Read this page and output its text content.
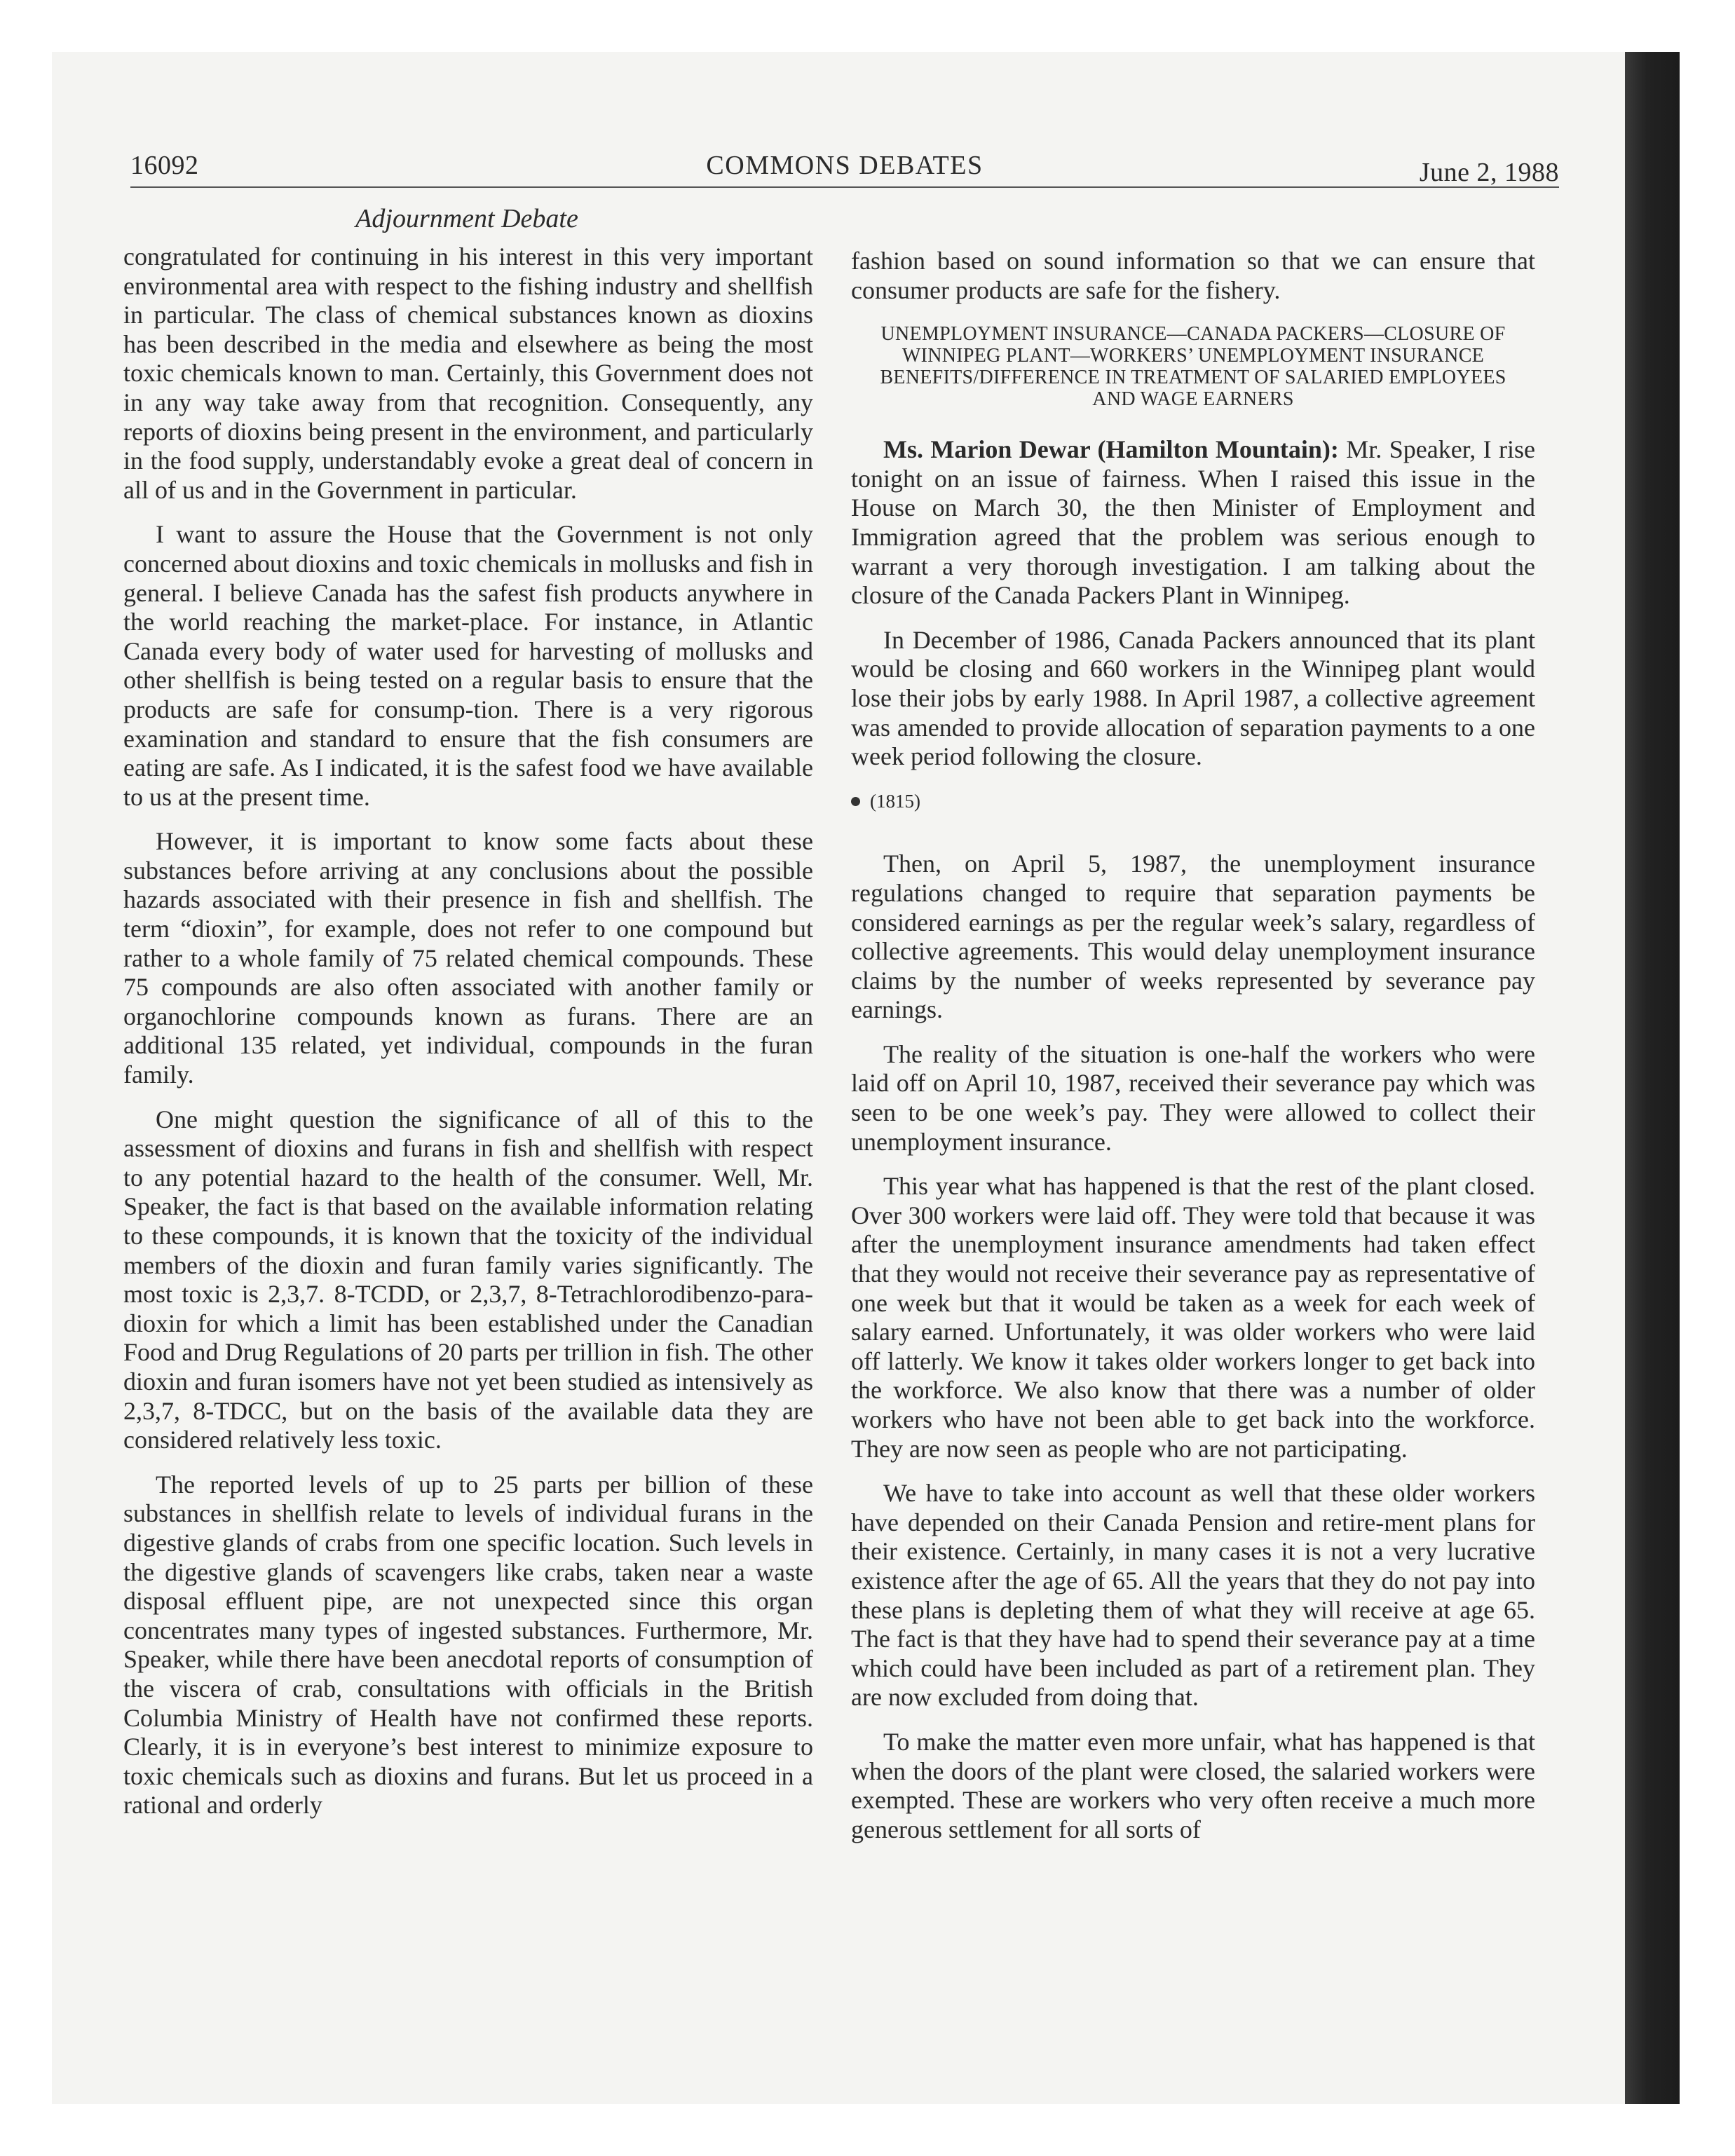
16092	COMMONS DEBATES	June 2, 1988
Adjournment Debate

congratulated for continuing in his interest in this very important environmental area with respect to the fishing industry and shellfish in particular. The class of chemical substances known as dioxins has been described in the media and elsewhere as being the most toxic chemicals known to man. Certainly, this Government does not in any way take away from that recognition. Consequently, any reports of dioxins being present in the environment, and particularly in the food supply, understandably evoke a great deal of concern in all of us and in the Government in particular.

I want to assure the House that the Government is not only concerned about dioxins and toxic chemicals in mollusks and fish in general. I believe Canada has the safest fish products anywhere in the world reaching the market-place. For instance, in Atlantic Canada every body of water used for harvesting of mollusks and other shellfish is being tested on a regular basis to ensure that the products are safe for consump-tion. There is a very rigorous examination and standard to ensure that the fish consumers are eating are safe. As I indicated, it is the safest food we have available to us at the present time.

However, it is important to know some facts about these substances before arriving at any conclusions about the possible hazards associated with their presence in fish and shellfish. The term “dioxin”, for example, does not refer to one compound but rather to a whole family of 75 related chemical compounds. These 75 compounds are also often associated with another family or organochlorine compounds known as furans. There are an additional 135 related, yet individual, compounds in the furan family.

One might question the significance of all of this to the assessment of dioxins and furans in fish and shellfish with respect to any potential hazard to the health of the consumer. Well, Mr. Speaker, the fact is that based on the available information relating to these compounds, it is known that the toxicity of the individual members of the dioxin and furan family varies significantly. The most toxic is 2,3,7. 8-TCDD, or 2,3,7, 8-Tetrachlorodibenzo-para-dioxin for which a limit has been established under the Canadian Food and Drug Regulations of 20 parts per trillion in fish. The other dioxin and furan isomers have not yet been studied as intensively as 2,3,7, 8-TDCC, but on the basis of the available data they are considered relatively less toxic.

The reported levels of up to 25 parts per billion of these substances in shellfish relate to levels of individual furans in the digestive glands of crabs from one specific location. Such levels in the digestive glands of scavengers like crabs, taken near a waste disposal effluent pipe, are not unexpected since this organ concentrates many types of ingested substances. Furthermore, Mr. Speaker, while there have been anecdotal reports of consumption of the viscera of crab, consultations with officials in the British Columbia Ministry of Health have not confirmed these reports. Clearly, it is in everyone’s best interest to minimize exposure to toxic chemicals such as dioxins and furans. But let us proceed in a rational and orderly

fashion based on sound information so that we can ensure that consumer products are safe for the fishery.

UNEMPLOYMENT INSURANCE—CANADA PACKERS—CLOSURE OF WINNIPEG PLANT—WORKERS’ UNEMPLOYMENT INSURANCE BENEFITS/DIFFERENCE IN TREATMENT OF SALARIED EMPLOYEES AND WAGE EARNERS

Ms. Marion Dewar (Hamilton Mountain): Mr. Speaker, I rise tonight on an issue of fairness. When I raised this issue in the House on March 30, the then Minister of Employment and Immigration agreed that the problem was serious enough to warrant a very thorough investigation. I am talking about the closure of the Canada Packers Plant in Winnipeg.

In December of 1986, Canada Packers announced that its plant would be closing and 660 workers in the Winnipeg plant would lose their jobs by early 1988. In April 1987, a collective agreement was amended to provide allocation of separation payments to a one week period following the closure.

(1815)

Then, on April 5, 1987, the unemployment insurance regulations changed to require that separation payments be considered earnings as per the regular week’s salary, regardless of collective agreements. This would delay unemployment insurance claims by the number of weeks represented by severance pay earnings.

The reality of the situation is one-half the workers who were laid off on April 10, 1987, received their severance pay which was seen to be one week’s pay. They were allowed to collect their unemployment insurance.

This year what has happened is that the rest of the plant closed. Over 300 workers were laid off. They were told that because it was after the unemployment insurance amendments had taken effect that they would not receive their severance pay as representative of one week but that it would be taken as a week for each week of salary earned. Unfortunately, it was older workers who were laid off latterly. We know it takes older workers longer to get back into the workforce. We also know that there was a number of older workers who have not been able to get back into the workforce. They are now seen as people who are not participating.

We have to take into account as well that these older workers have depended on their Canada Pension and retire-ment plans for their existence. Certainly, in many cases it is not a very lucrative existence after the age of 65. All the years that they do not pay into these plans is depleting them of what they will receive at age 65. The fact is that they have had to spend their severance pay at a time which could have been included as part of a retirement plan. They are now excluded from doing that.

To make the matter even more unfair, what has happened is that when the doors of the plant were closed, the salaried workers were exempted. These are workers who very often receive a much more generous settlement for all sorts of
